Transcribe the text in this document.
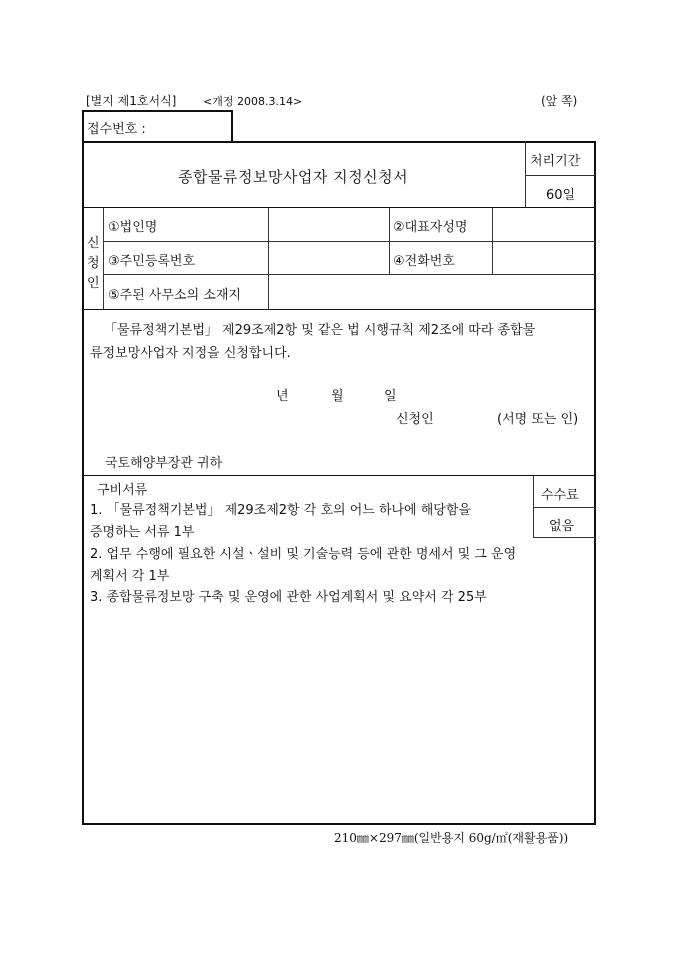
[별지 제1호서식] <개정 2008.3.14>	(앞 쪽)
접수번호 :
종합물류정보망사업자 지정신청서
처리기간
60일
신
청
인
①법인명	②대표자성명
③주민등록번호	④전화번호
⑤주된 사무소의 소재지
「물류정책기본법」 제29조제2항 및 같은 법 시행규칙 제2조에 따라 종합물
류정보망사업자 지정을 신청합니다.
년	월	일
신청인	(서명 또는 인)
국토해양부장관 귀하
구비서류	수수료
없음
1. 「물류정책기본법」 제29조제2항 각 호의 어느 하나에 해당함을
증명하는 서류 1부
2. 업무 수행에 필요한 시설ㆍ설비 및 기술능력 등에 관한 명세서 및 그 운영
계획서 각 1부
3. 종합물류정보망 구축 및 운영에 관한 사업계획서 및 요약서 각 25부
210㎜×297㎜(일반용지 60g/㎡(재활용품))
